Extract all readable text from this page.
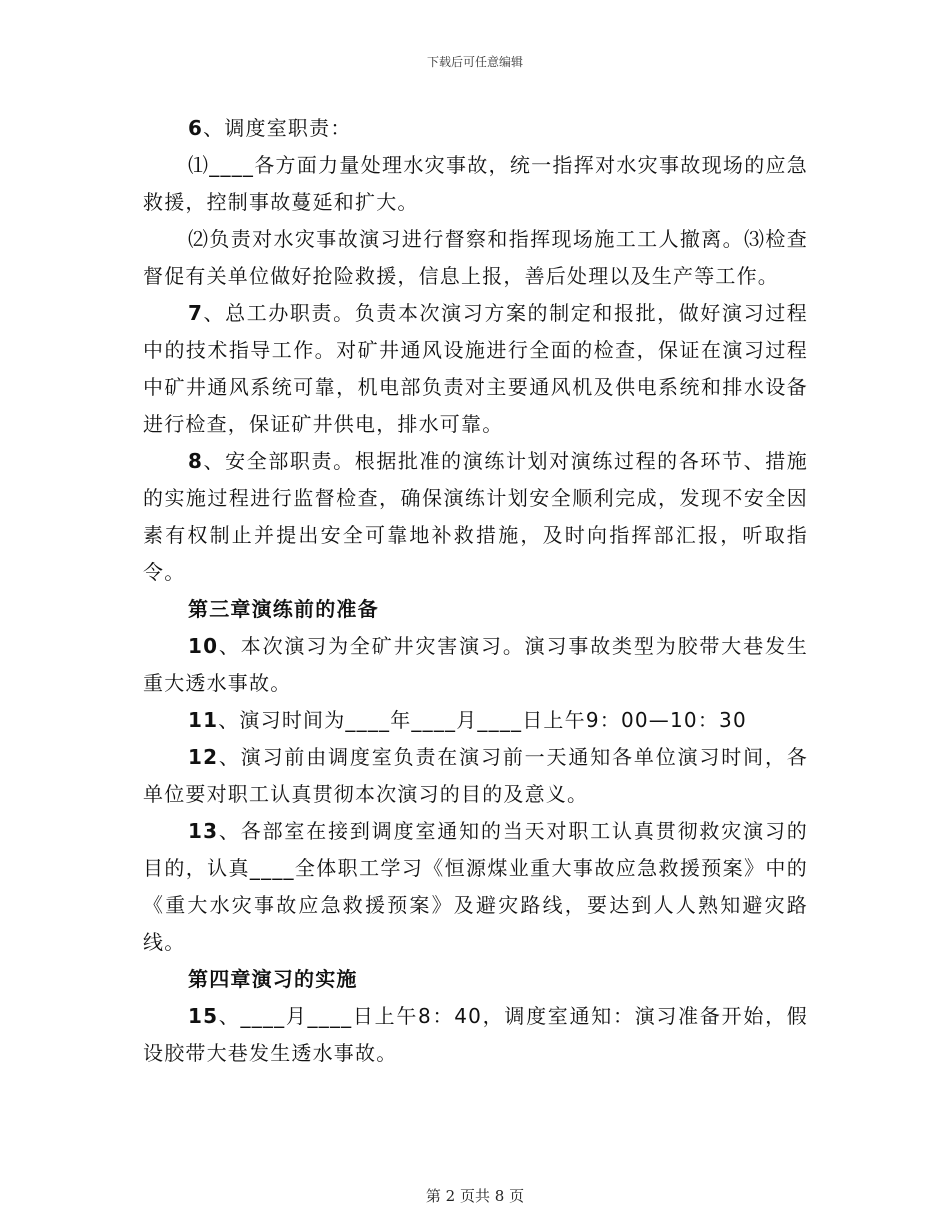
下载后可任意编辑

6、调度室职责：

⑴____各方面力量处理水灾事故，统一指挥对水灾事故现场的应急救援，控制事故蔓延和扩大。

⑵负责对水灾事故演习进行督察和指挥现场施工工人撤离。⑶检查督促有关单位做好抢险救援，信息上报，善后处理以及生产等工作。

7、总工办职责。负责本次演习方案的制定和报批，做好演习过程中的技术指导工作。对矿井通风设施进行全面的检查，保证在演习过程中矿井通风系统可靠，机电部负责对主要通风机及供电系统和排水设备进行检查，保证矿井供电，排水可靠。

8、安全部职责。根据批准的演练计划对演练过程的各环节、措施的实施过程进行监督检查，确保演练计划安全顺利完成，发现不安全因素有权制止并提出安全可靠地补救措施，及时向指挥部汇报，听取指令。

第三章演练前的准备

10、本次演习为全矿井灾害演习。演习事故类型为胶带大巷发生重大透水事故。

11、演习时间为____年____月____日上午9：00—10：30

12、演习前由调度室负责在演习前一天通知各单位演习时间，各单位要对职工认真贯彻本次演习的目的及意义。

13、各部室在接到调度室通知的当天对职工认真贯彻救灾演习的目的，认真____全体职工学习《恒源煤业重大事故应急救援预案》中的《重大水灾事故应急救援预案》及避灾路线，要达到人人熟知避灾路线。

第四章演习的实施

15、____月____日上午8：40，调度室通知：演习准备开始，假设胶带大巷发生透水事故。

第 2 页共 8 页
